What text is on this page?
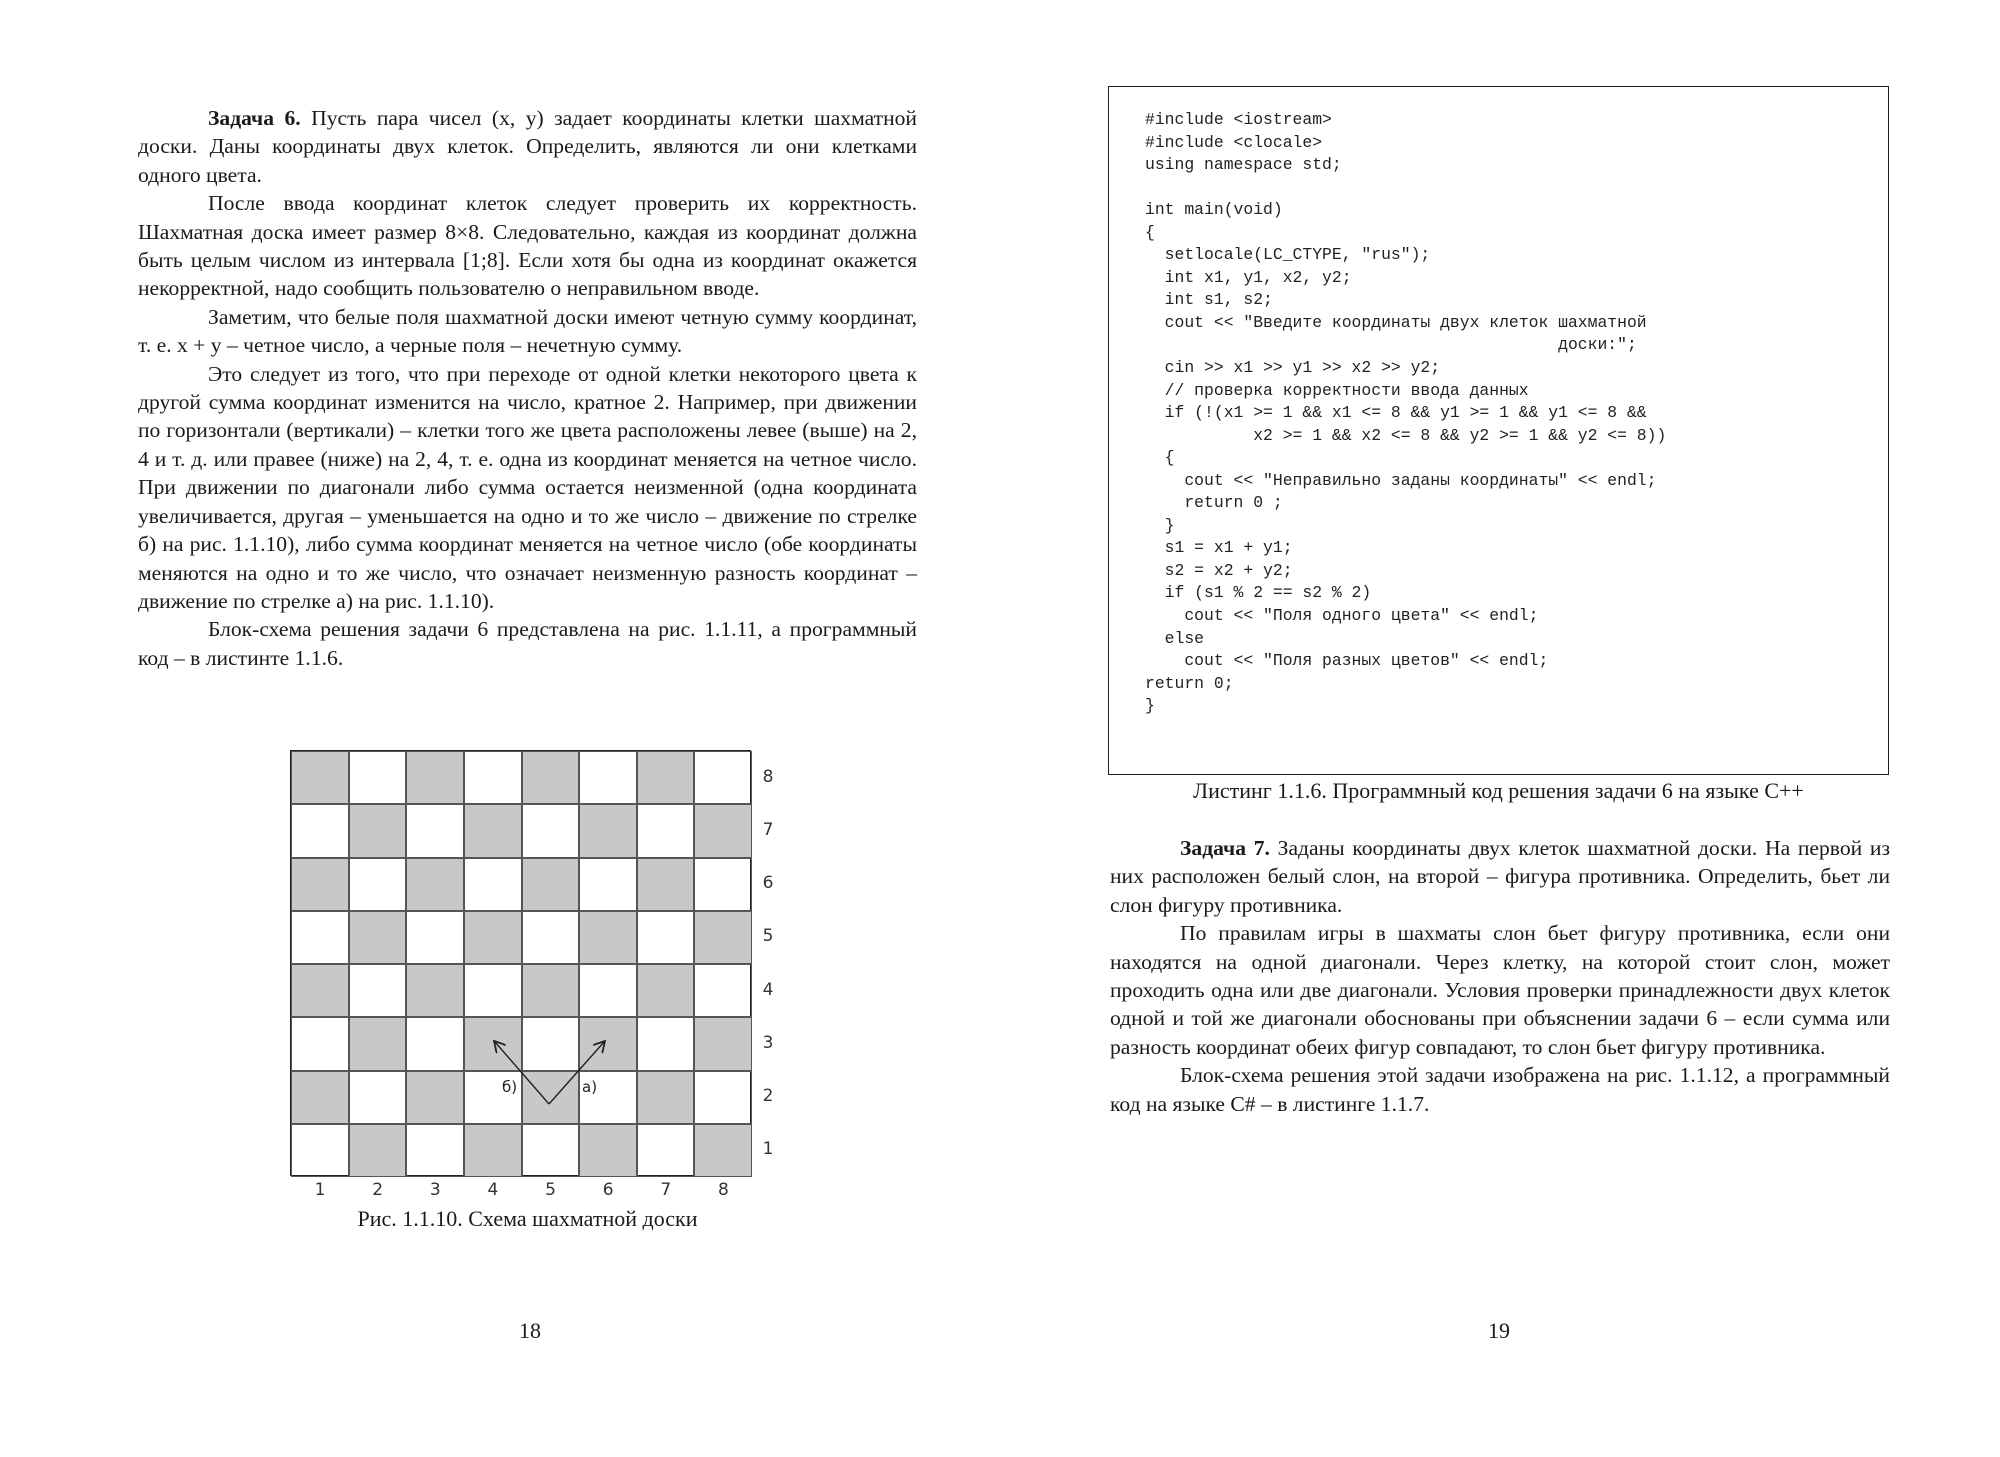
Задача 6. Пусть пара чисел (x, y) задает координаты клетки шахматной доски. Даны координаты двух клеток. Определить, являются ли они клетками одного цвета.

После ввода координат клеток следует проверить их корректность. Шахматная доска имеет размер 8×8. Следовательно, каждая из координат должна быть целым числом из интервала [1;8]. Если хотя бы одна из координат окажется некорректной, надо сообщить пользователю о неправильном вводе.

Заметим, что белые поля шахматной доски имеют четную сумму координат, т. е. x + y – четное число, а черные поля – нечетную сумму.

Это следует из того, что при переходе от одной клетки некоторого цвета к другой сумма координат изменится на число, кратное 2. Например, при движении по горизонтали (вертикали) – клетки того же цвета расположены левее (выше) на 2, 4 и т. д. или правее (ниже) на 2, 4, т. е. одна из координат меняется на четное число. При движении по диагонали либо сумма остается неизменной (одна координата увеличивается, другая – уменьшается на одно и то же число – движение по стрелке б) на рис. 1.1.10), либо сумма координат меняется на четное число (обе координаты меняются на одно и то же число, что означает неизменную разность координат – движение по стрелке а) на рис. 1.1.10).

Блок-схема решения задачи 6 представлена на рис. 1.1.11, а программный код – в листинте 1.1.6.

б)	а)
8
7
6
5
4
3
2
1
1	2	3	4	5	6	7	8
Рис. 1.1.10. Схема шахматной доски
18
#include <iostream>
#include <clocale>
using namespace std;

int main(void)
{
setlocale(LC_CTYPE, "rus");
int x1, y1, x2, y2;
int s1, s2;
cout << "Введите координаты двух клеток шахматной
доски:";
cin >> x1 >> y1 >> x2 >> y2;
// проверка корректности ввода данных
if (!(x1 >= 1 && x1 <= 8 && y1 >= 1 && y1 <= 8 &&
x2 >= 1 && x2 <= 8 && y2 >= 1 && y2 <= 8))
{
cout << "Неправильно заданы координаты" << endl;
return 0 ;
}
s1 = x1 + y1;
s2 = x2 + y2;
if (s1 % 2 == s2 % 2)
cout << "Поля одного цвета" << endl;
else
cout << "Поля разных цветов" << endl;
return 0;
}

Листинг 1.1.6. Программный код решения задачи 6 на языке C++

Задача 7. Заданы координаты двух клеток шахматной доски. На первой из них расположен белый слон, на второй – фигура противника. Определить, бьет ли слон фигуру противника.

По правилам игры в шахматы слон бьет фигуру противника, если они находятся на одной диагонали. Через клетку, на которой стоит слон, может проходить одна или две диагонали. Условия проверки принадлежности двух клеток одной и той же диагонали обоснованы при объяснении задачи 6 – если сумма или разность координат обеих фигур совпадают, то слон бьет фигуру противника.

Блок-схема решения этой задачи изображена на рис. 1.1.12, а программный код на языке C# – в листинге 1.1.7.

19
